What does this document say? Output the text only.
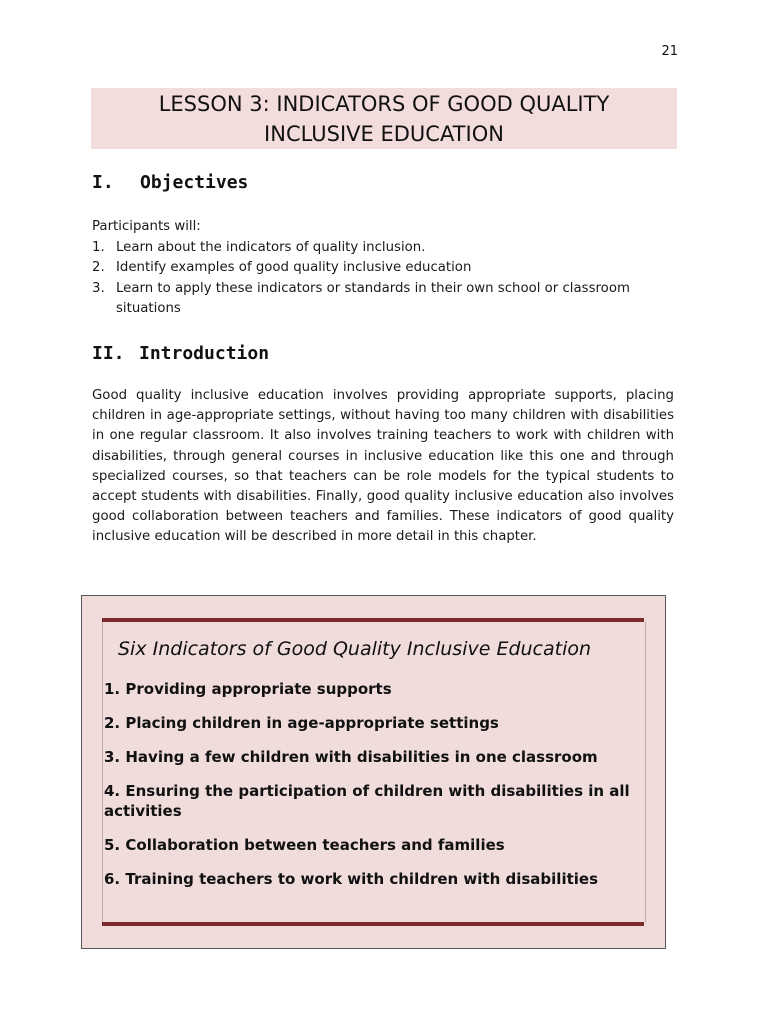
21
LESSON 3: INDICATORS OF GOOD QUALITY
INCLUSIVE EDUCATION
I. Objectives
Participants will:
1. Learn about the indicators of quality inclusion.
2. Identify examples of good quality inclusive education
3. Learn to apply these indicators or standards in their own school or classroom situations
II. Introduction
Good quality inclusive education involves providing appropriate supports, placing children in age-appropriate settings, without having too many children with disabilities in one regular classroom. It also involves training teachers to work with children with disabilities, through general courses in inclusive education like this one and through specialized courses, so that teachers can be role models for the typical students to accept students with disabilities. Finally, good quality inclusive education also involves good collaboration between teachers and families. These indicators of good quality inclusive education will be described in more detail in this chapter.
Six Indicators of Good Quality Inclusive Education
1. Providing appropriate supports
2. Placing children in age-appropriate settings
3. Having a few children with disabilities in one classroom
4. Ensuring the participation of children with disabilities in all activities
5. Collaboration between teachers and families
6. Training teachers to work with children with disabilities
